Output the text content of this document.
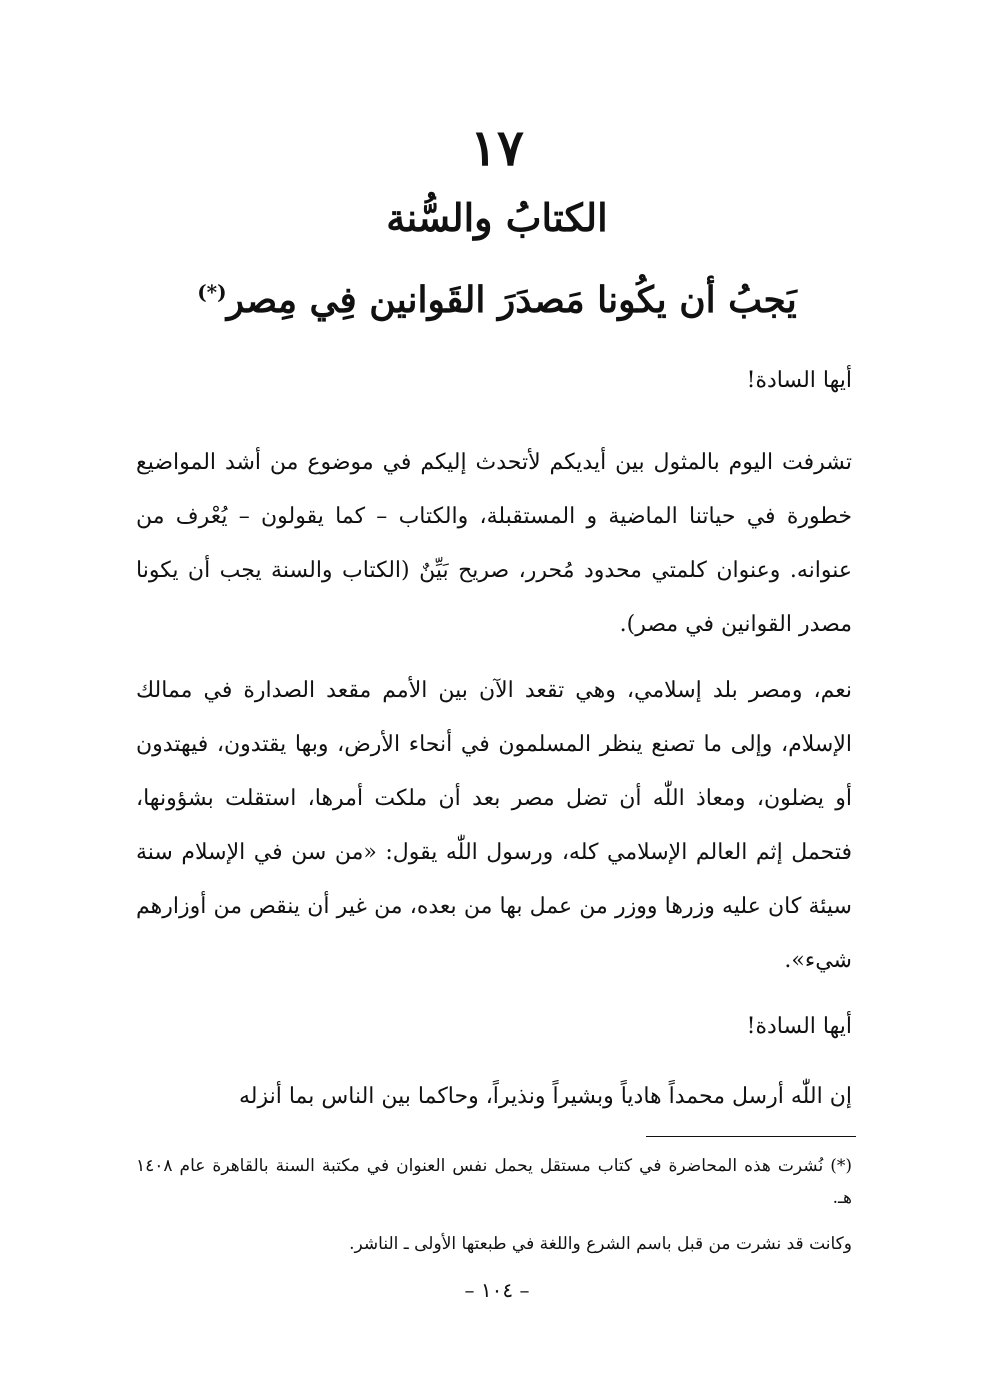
١٧
الكتابُ والسُّنة
يَجبُ أن يكُونا مَصدَرَ القَوانين فِي مِصر(*)
أيها السادة!
تشرفت اليوم بالمثول بين أيديكم لأتحدث إليكم في موضوع من أشد المواضيع خطورة في حياتنا الماضية و المستقبلة، والكتاب – كما يقولون – يُعْرف من عنوانه. وعنوان كلمتي محدود مُحرر، صريح بَيِّنٌ (الكتاب والسنة يجب أن يكونا مصدر القوانين في مصر).
نعم، ومصر بلد إسلامي، وهي تقعد الآن بين الأمم مقعد الصدارة في ممالك الإسلام، وإلى ما تصنع ينظر المسلمون في أنحاء الأرض، وبها يقتدون، فيهتدون أو يضلون، ومعاذ اللّٰه أن تضل مصر بعد أن ملكت أمرها، استقلت بشؤونها، فتحمل إثم العالم الإسلامي كله، ورسول اللّٰه يقول: «من سن في الإسلام سنة سيئة كان عليه وزرها ووزر من عمل بها من بعده، من غير أن ينقص من أوزارهم شيء».
أيها السادة!
إن اللّٰه أرسل محمداً هادياً وبشيراً ونذيراً، وحاكما بين الناس بما أنزله
(*) نُشرت هذه المحاضرة في كتاب مستقل يحمل نفس العنوان في مكتبة السنة بالقاهرة عام ١٤٠٨ هـ.
وكانت قد نشرت من قبل باسم الشرع واللغة في طبعتها الأولى ـ الناشر.
– ١٠٤ –
